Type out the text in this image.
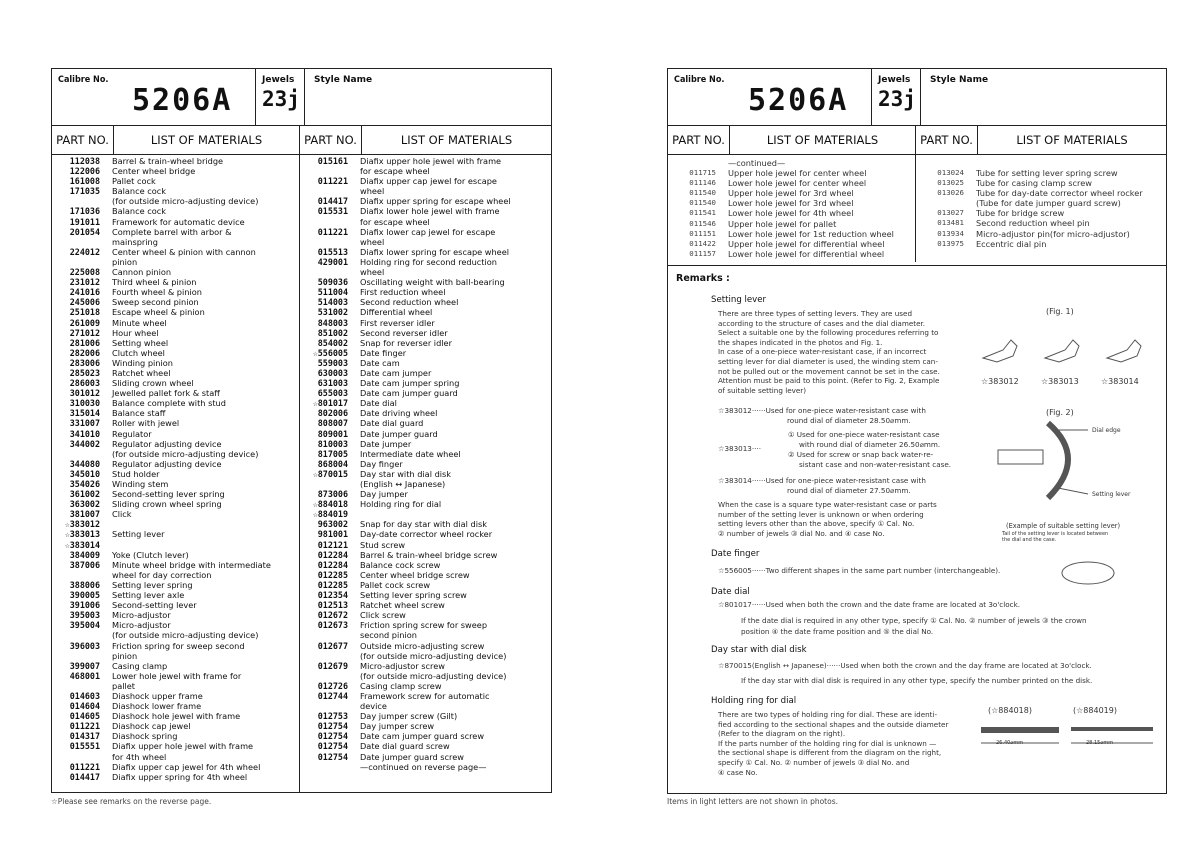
Calibre No.
5206A
Jewels
23j
Style Name
PART NO.	LIST OF MATERIALS	PART NO.	LIST OF MATERIALS
112038	Barrel & train-wheel bridge
122006	Center wheel bridge
161008	Pallet cock
171035	Balance cock
(for outside micro-adjusting device)
171036	Balance cock
191011	Framework for automatic device
201054	Complete barrel with arbor &
mainspring
224012	Center wheel & pinion with cannon
pinion
225008	Cannon pinion
231012	Third wheel & pinion
241016	Fourth wheel & pinion
245006	Sweep second pinion
251018	Escape wheel & pinion
261009	Minute wheel
271012	Hour wheel
281006	Setting wheel
282006	Clutch wheel
283006	Winding pinion
285023	Ratchet wheel
286003	Sliding crown wheel
301012	Jewelled pallet fork & staff
310030	Balance complete with stud
315014	Balance staff
331007	Roller with jewel
341010	Regulator
344002	Regulator adjusting device
(for outside micro-adjusting device)
344080	Regulator adjusting device
345010	Stud holder
354026	Winding stem
361002	Second-setting lever spring
363002	Sliding crown wheel spring
381007	Click
☆383012
☆383013	Setting lever
☆383014
384009	Yoke (Clutch lever)
387006	Minute wheel bridge with intermediate
wheel for day correction
388006	Setting lever spring
390005	Setting lever axle
391006	Second-setting lever
395003	Micro-adjustor
395004	Micro-adjustor
(for outside micro-adjusting device)
396003	Friction spring for sweep second
pinion
399007	Casing clamp
468001	Lower hole jewel with frame for
pallet
014603	Diashock upper frame
014604	Diashock lower frame
014605	Diashock hole jewel with frame
011221	Diashock cap jewel
014317	Diashock spring
015551	Diafix upper hole jewel with frame
for 4th wheel
011221	Diafix upper cap jewel for 4th wheel
014417	Diafix upper spring for 4th wheel
015161	Diafix upper hole jewel with frame
for escape wheel
011221	Diafix upper cap jewel for escape
wheel
014417	Diafix upper spring for escape wheel
015531	Diafix lower hole jewel with frame
for escape wheel
011221	Diafix lower cap jewel for escape
wheel
015513	Diafix lower spring for escape wheel
429001	Holding ring for second reduction
wheel
509036	Oscillating weight with ball-bearing
511004	First reduction wheel
514003	Second reduction wheel
531002	Differential wheel
848003	First reverser idler
851002	Second reverser idler
854002	Snap for reverser idler
☆556005	Date finger
559003	Date cam
630003	Date cam jumper
631003	Date cam jumper spring
655003	Date cam jumper guard
☆801017	Date dial
802006	Date driving wheel
808007	Date dial guard
809001	Date jumper guard
810003	Date jumper
817005	Intermediate date wheel
868004	Day finger
☆870015	Day star with dial disk
(English ↔ Japanese)
873006	Day jumper
☆884018	Holding ring for dial
☆884019
963002	Snap for day star with dial disk
981001	Day-date corrector wheel rocker
012121	Stud screw
012284	Barrel & train-wheel bridge screw
012284	Balance cock screw
012285	Center wheel bridge screw
012285	Pallet cock screw
012354	Setting lever spring screw
012513	Ratchet wheel screw
012672	Click screw
012673	Friction spring screw for sweep
second pinion
012677	Outside micro-adjusting screw
(for outside micro-adjusting device)
012679	Micro-adjustor screw
(for outside micro-adjusting device)
012726	Casing clamp screw
012744	Framework screw for automatic
device
012753	Day jumper screw (Gilt)
012754	Day jumper screw
012754	Date cam jumper guard screw
012754	Date dial guard screw
012754	Date jumper guard screw
—continued on reverse page—
☆Please see remarks on the reverse page.
Calibre No.
5206A
Jewels
23j
Style Name
PART NO.	LIST OF MATERIALS	PART NO.	LIST OF MATERIALS
—continued—
011715	Upper hole jewel for center wheel
011146	Lower hole jewel for center wheel
011540	Upper hole jewel for 3rd wheel
011540	Lower hole jewel for 3rd wheel
011541	Lower hole jewel for 4th wheel
011546	Upper hole jewel for pallet
011151	Lower hole jewel for 1st reduction wheel
011422	Upper hole jewel for differential wheel
011157	Lower hole jewel for differential wheel
013024	Tube for setting lever spring screw
013025	Tube for casing clamp screw
013026	Tube for day-date corrector wheel rocker
(Tube for date jumper guard screw)
013027	Tube for bridge screw
013481	Second reduction wheel pin
013934	Micro-adjustor pin(for micro-adjustor)
013975	Eccentric dial pin
Remarks :
Setting lever
There are three types of setting levers. They are used
according to the structure of cases and the dial diameter.
Select a suitable one by the following procedures referring to
the shapes indicated in the photos and Fig. 1.
In case of a one-piece water-resistant case, if an incorrect
setting lever for dial diameter is used, the winding stem can-
not be pulled out or the movement cannot be set in the case.
Attention must be paid to this point. (Refer to Fig. 2, Example
of suitable setting lever)
(Fig. 1)
☆383012	☆383013	☆383014
☆383012······Used for one-piece water-resistant case with
round dial of diameter 28.50⌀mm.
☆383013····
① Used for one-piece water-resistant case
with round dial of diameter 26.50⌀mm.
② Used for screw or snap back water-re-
sistant case and non-water-resistant case.
☆383014······Used for one-piece water-resistant case with
round dial of diameter 27.50⌀mm.
(Fig. 2)
Dial edge
Setting lever
When the case is a square type water-resistant case or parts
number of the setting lever is unknown or when ordering
setting levers other than the above, specify ① Cal. No.
② number of jewels ③ dial No. and ④ case No.
(Example of suitable setting lever)
Tail of the setting lever is located between
the dial and the case.
Date finger
☆556005······Two different shapes in the same part number (interchangeable).
Date dial
☆801017······Used when both the crown and the date frame are located at 3o'clock.
If the date dial is required in any other type, specify ① Cal. No. ② number of jewels ③ the crown
position ④ the date frame position and ⑤ the dial No.
Day star with dial disk
☆870015(English ↔ Japanese)······Used when both the crown and the day frame are located at 3o'clock.
If the day star with dial disk is required in any other type, specify the number printed on the disk.
Holding ring for dial
There are two types of holding ring for dial. These are identi-
fied according to the sectional shapes and the outside diameter
(Refer to the diagram on the right).
If the parts number of the holding ring for dial is unknown —
the sectional shape is different from the diagram on the right,
specify ① Cal. No. ② number of jewels ③ dial No. and
④ case No.
(☆884018)	(☆884019)
26.40⌀mm	28.15⌀mm
Items in light letters are not shown in photos.
